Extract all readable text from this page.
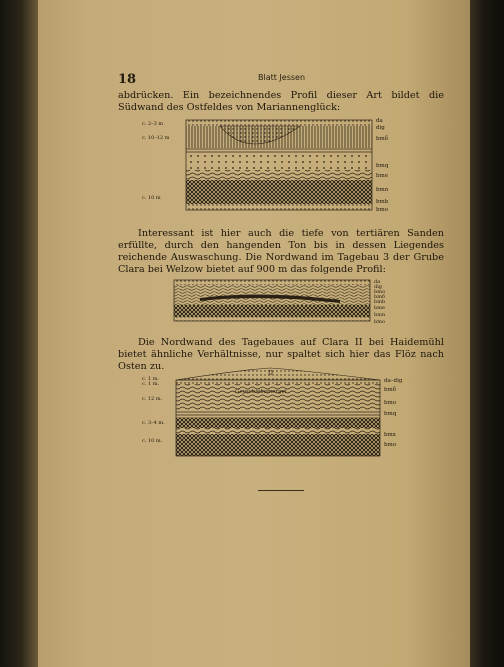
18	Blatt Jessen

abdrücken. Ein bezeichnendes Profil dieser Art bildet die Südwand des Ostfeldes von Mariannenglück:

c. 2–3 m
c. 10–12 m
c. 10 m
da
dig
bmδ
bmq
bme
bmn
bmb
bmo

Interessant ist hier auch die tiefe von tertiären Sanden erfüllte, durch den hangenden Ton bis in dessen Liegendes reichende Auswaschung. Die Nordwand im Tagebau 3 der Grube Clara bei Welzow bietet auf 900 m das folgende Profil:

da
dig
bmo
bmδ
bmb
bme
bmn
bmo

Die Nordwand des Tagebaues auf Clara II bei Haidemühl bietet ähnliche Verhältnisse, nur spaltet sich hier das Flöz nach Osten zu.

D
Geyschiebemergel
c. 1 m.
c. 1 m.
c. 12 m.
c. 3–4 m.
c. 10 m.
da–dig
bmδ
bmo
bmq
bmx
bmo
